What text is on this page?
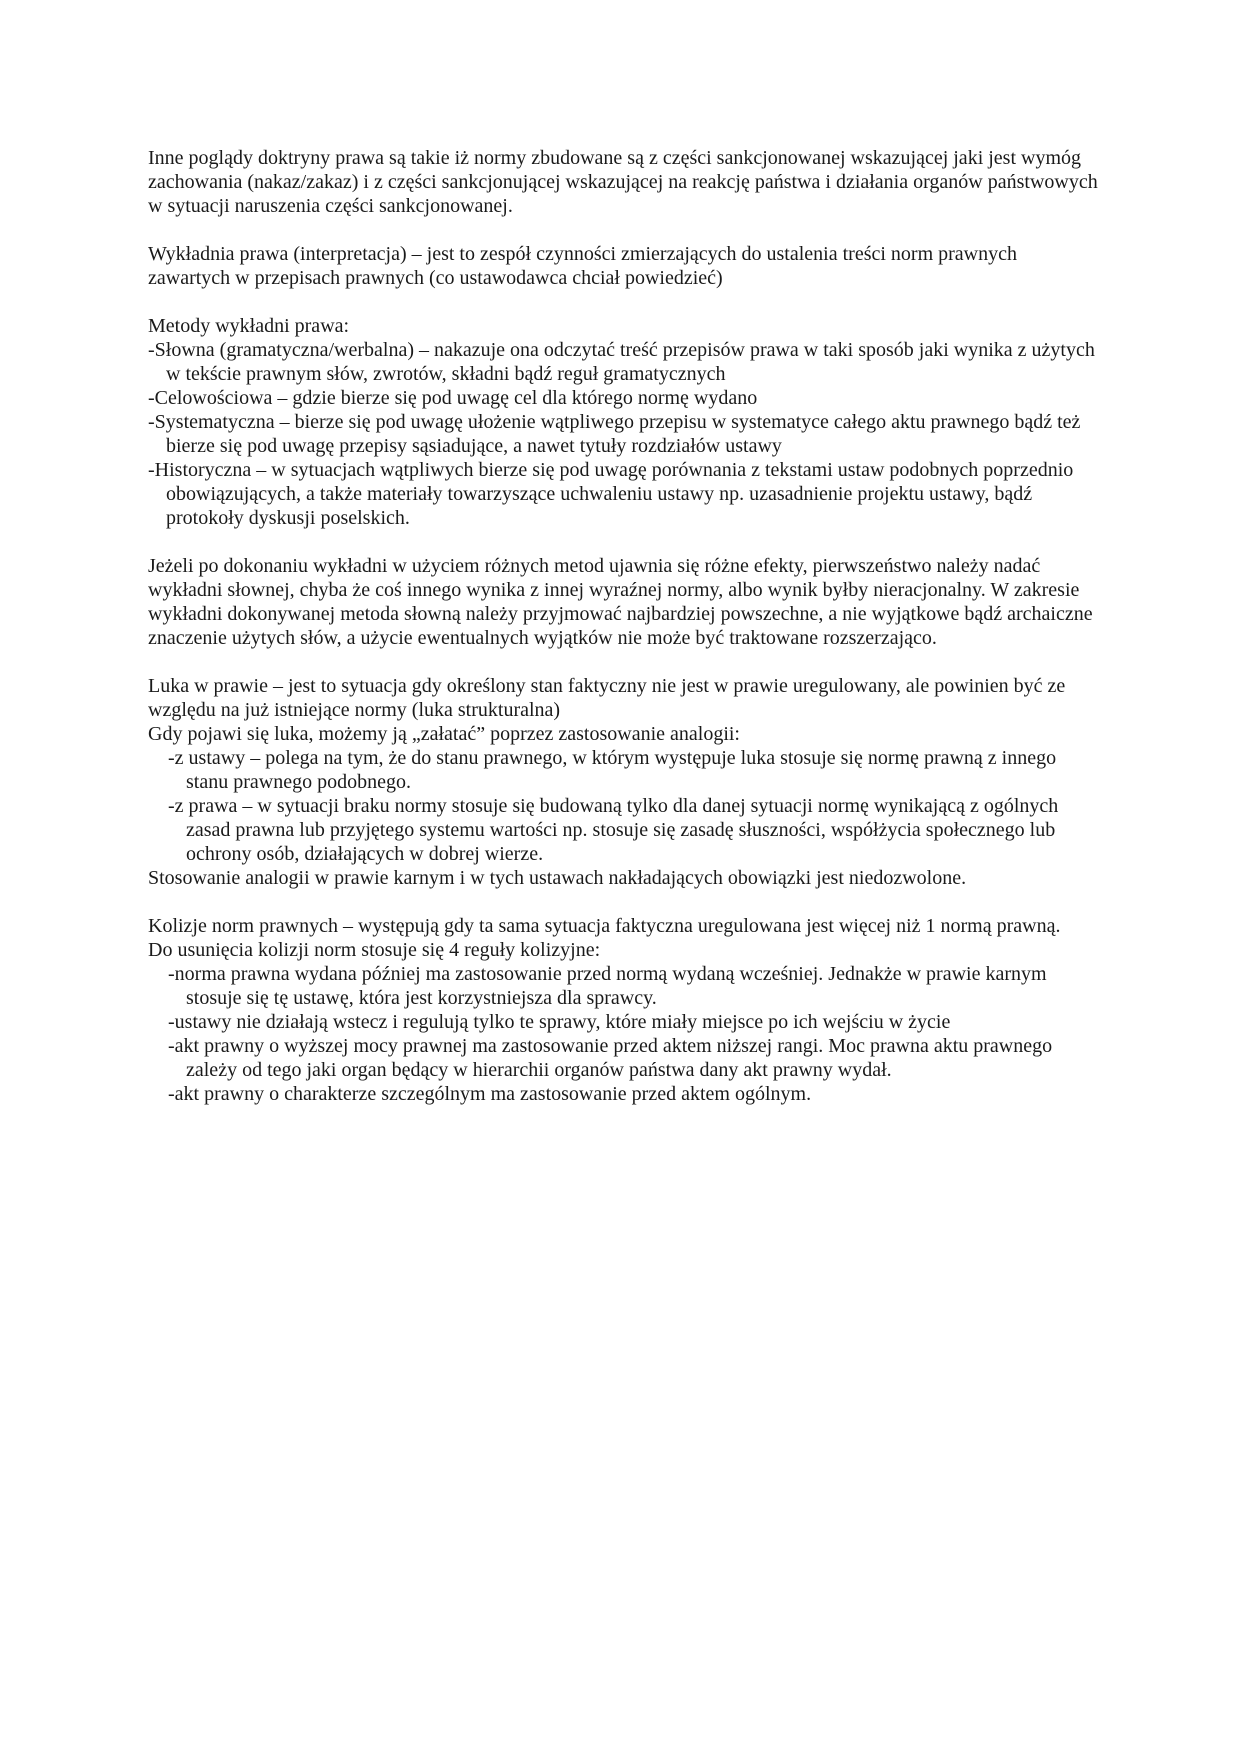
Inne poglądy doktryny prawa są takie iż normy zbudowane są z części sankcjonowanej wskazującej jaki jest wymóg zachowania (nakaz/zakaz) i z części sankcjonującej wskazującej na reakcję państwa i działania organów państwowych w sytuacji naruszenia części sankcjonowanej.

Wykładnia prawa (interpretacja) – jest to zespół czynności zmierzających do ustalenia treści norm prawnych zawartych w przepisach prawnych (co ustawodawca chciał powiedzieć)

Metody wykładni prawa:

-Słowna (gramatyczna/werbalna) – nakazuje ona odczytać treść przepisów prawa w taki sposób jaki wynika z użytych w tekście prawnym słów, zwrotów, składni bądź reguł gramatycznych

-Celowościowa – gdzie bierze się pod uwagę cel dla którego normę wydano

-Systematyczna – bierze się pod uwagę ułożenie wątpliwego przepisu w systematyce całego aktu prawnego bądź też bierze się pod uwagę przepisy sąsiadujące, a nawet tytuły rozdziałów ustawy

-Historyczna – w sytuacjach wątpliwych bierze się pod uwagę porównania z tekstami ustaw podobnych poprzednio obowiązujących, a także materiały towarzyszące uchwaleniu ustawy np. uzasadnienie projektu ustawy, bądź protokoły dyskusji poselskich.

Jeżeli po dokonaniu wykładni w użyciem różnych metod ujawnia się różne efekty, pierwszeństwo należy nadać wykładni słownej, chyba że coś innego wynika z innej wyraźnej normy, albo wynik byłby nieracjonalny. W zakresie wykładni dokonywanej metoda słowną należy przyjmować najbardziej powszechne, a nie wyjątkowe bądź archaiczne znaczenie użytych słów, a użycie ewentualnych wyjątków nie może być traktowane rozszerzająco.

Luka w prawie – jest to sytuacja gdy określony stan faktyczny nie jest w prawie uregulowany, ale powinien być ze względu na już istniejące normy (luka strukturalna)

Gdy pojawi się luka, możemy ją „załatać” poprzez zastosowanie analogii:

-z ustawy – polega na tym, że do stanu prawnego, w którym występuje luka stosuje się normę prawną z innego stanu prawnego podobnego.

-z prawa – w sytuacji braku normy stosuje się budowaną tylko dla danej sytuacji normę wynikającą z ogólnych zasad prawna lub przyjętego systemu wartości np. stosuje się zasadę słuszności, współżycia społecznego lub ochrony osób, działających w dobrej wierze.

Stosowanie analogii w prawie karnym i w tych ustawach nakładających obowiązki jest niedozwolone.

Kolizje norm prawnych – występują gdy ta sama sytuacja faktyczna uregulowana jest więcej niż 1 normą prawną.

Do usunięcia kolizji norm stosuje się 4 reguły kolizyjne:

-norma prawna wydana później ma zastosowanie przed normą wydaną wcześniej. Jednakże w prawie karnym stosuje się tę ustawę, która jest korzystniejsza dla sprawcy.

-ustawy nie działają wstecz i regulują tylko te sprawy, które miały miejsce po ich wejściu w życie

-akt prawny o wyższej mocy prawnej ma zastosowanie przed aktem niższej rangi. Moc prawna aktu prawnego zależy od tego jaki organ będący w hierarchii organów państwa dany akt prawny wydał.

-akt prawny o charakterze szczególnym ma zastosowanie przed aktem ogólnym.
